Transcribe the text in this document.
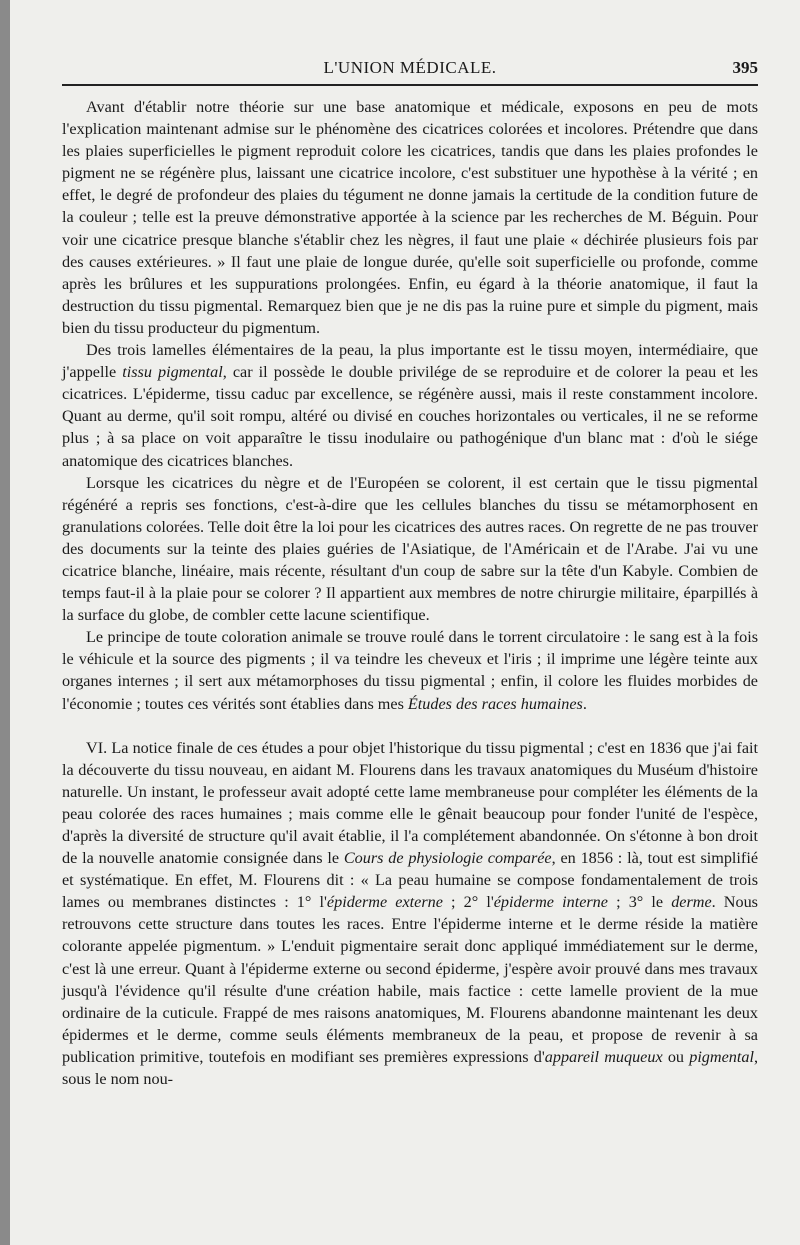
L'UNION MÉDICALE.	395

Avant d'établir notre théorie sur une base anatomique et médicale, exposons en peu de mots l'explication maintenant admise sur le phénomène des cicatrices colorées et incolores. Prétendre que dans les plaies superficielles le pigment reproduit colore les cicatrices, tandis que dans les plaies profondes le pigment ne se régénère plus, laissant une cicatrice incolore, c'est substituer une hypothèse à la vérité ; en effet, le degré de profondeur des plaies du tégument ne donne jamais la certitude de la condition future de la couleur ; telle est la preuve démonstrative apportée à la science par les recherches de M. Béguin. Pour voir une cicatrice presque blanche s'établir chez les nègres, il faut une plaie « déchirée plusieurs fois par des causes extérieures. » Il faut une plaie de longue durée, qu'elle soit superficielle ou profonde, comme après les brûlures et les suppurations prolongées. Enfin, eu égard à la théorie anatomique, il faut la destruction du tissu pigmental. Remarquez bien que je ne dis pas la ruine pure et simple du pigment, mais bien du tissu producteur du pigmentum.

Des trois lamelles élémentaires de la peau, la plus importante est le tissu moyen, intermédiaire, que j'appelle tissu pigmental, car il possède le double privilége de se reproduire et de colorer la peau et les cicatrices. L'épiderme, tissu caduc par excellence, se régénère aussi, mais il reste constamment incolore. Quant au derme, qu'il soit rompu, altéré ou divisé en couches horizontales ou verticales, il ne se reforme plus ; à sa place on voit apparaître le tissu inodulaire ou pathogénique d'un blanc mat : d'où le siége anatomique des cicatrices blanches.

Lorsque les cicatrices du nègre et de l'Européen se colorent, il est certain que le tissu pigmental régénéré a repris ses fonctions, c'est-à-dire que les cellules blanches du tissu se métamorphosent en granulations colorées. Telle doit être la loi pour les cicatrices des autres races. On regrette de ne pas trouver des documents sur la teinte des plaies guéries de l'Asiatique, de l'Américain et de l'Arabe. J'ai vu une cicatrice blanche, linéaire, mais récente, résultant d'un coup de sabre sur la tête d'un Kabyle. Combien de temps faut-il à la plaie pour se colorer ? Il appartient aux membres de notre chirurgie militaire, éparpillés à la surface du globe, de combler cette lacune scientifique.

Le principe de toute coloration animale se trouve roulé dans le torrent circulatoire : le sang est à la fois le véhicule et la source des pigments ; il va teindre les cheveux et l'iris ; il imprime une légère teinte aux organes internes ; il sert aux métamorphoses du tissu pigmental ; enfin, il colore les fluides morbides de l'économie ; toutes ces vérités sont établies dans mes Études des races humaines.

VI. La notice finale de ces études a pour objet l'historique du tissu pigmental ; c'est en 1836 que j'ai fait la découverte du tissu nouveau, en aidant M. Flourens dans les travaux anatomiques du Muséum d'histoire naturelle. Un instant, le professeur avait adopté cette lame membraneuse pour compléter les éléments de la peau colorée des races humaines ; mais comme elle le gênait beaucoup pour fonder l'unité de l'espèce, d'après la diversité de structure qu'il avait établie, il l'a complétement abandonnée. On s'étonne à bon droit de la nouvelle anatomie consignée dans le Cours de physiologie comparée, en 1856 : là, tout est simplifié et systématique. En effet, M. Flourens dit : « La peau humaine se compose fondamentalement de trois lames ou membranes distinctes : 1° l'épiderme externe ; 2° l'épiderme interne ; 3° le derme. Nous retrouvons cette structure dans toutes les races. Entre l'épiderme interne et le derme réside la matière colorante appelée pigmentum. » L'enduit pigmentaire serait donc appliqué immédiatement sur le derme, c'est là une erreur. Quant à l'épiderme externe ou second épiderme, j'espère avoir prouvé dans mes travaux jusqu'à l'évidence qu'il résulte d'une création habile, mais factice : cette lamelle provient de la mue ordinaire de la cuticule. Frappé de mes raisons anatomiques, M. Flourens abandonne maintenant les deux épidermes et le derme, comme seuls éléments membraneux de la peau, et propose de revenir à sa publication primitive, toutefois en modifiant ses premières expressions d'appareil muqueux ou pigmental, sous le nom nou-
